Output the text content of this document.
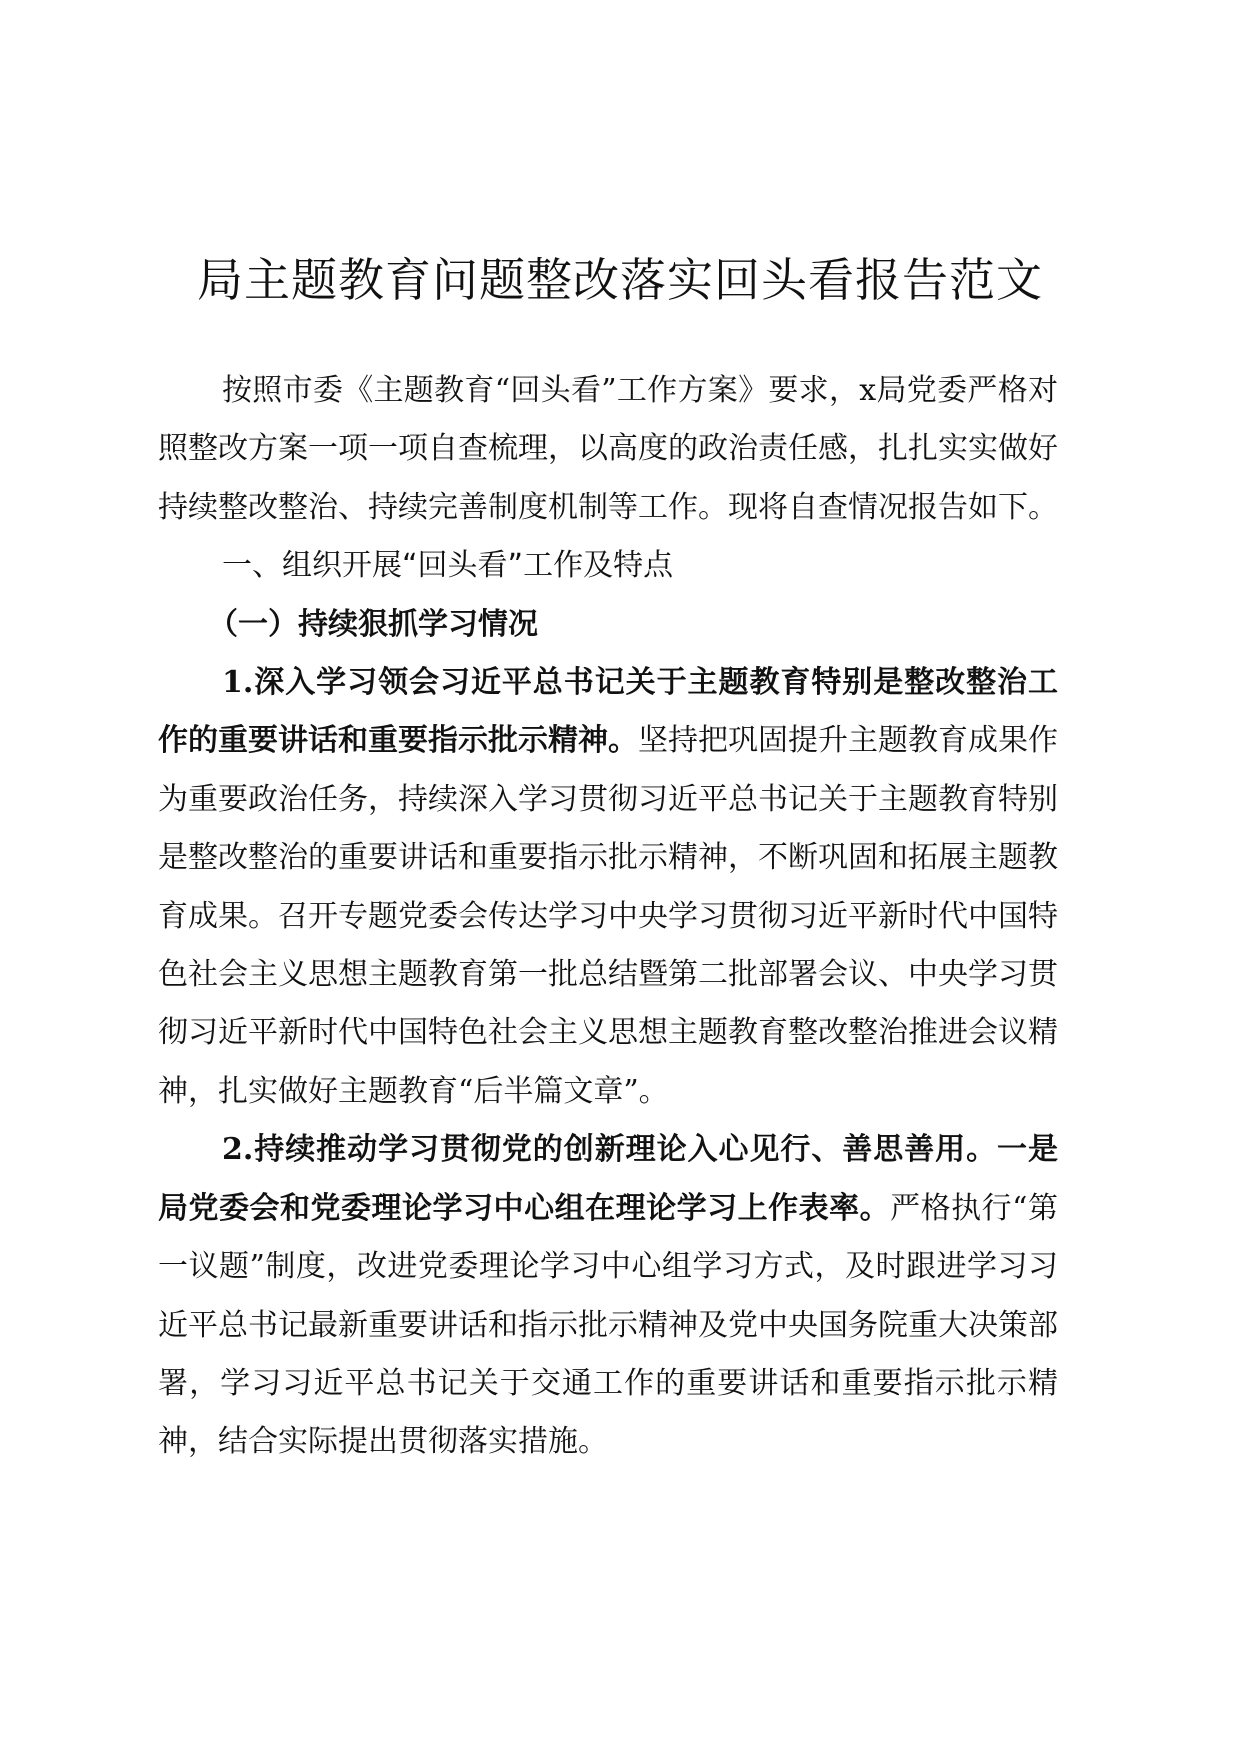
局主题教育问题整改落实回头看报告范文

按照市委《主题教育“回头看”工作方案》要求，x局党委严格对照整改方案一项一项自查梳理，以高度的政治责任感，扎扎实实做好持续整改整治、持续完善制度机制等工作。现将自查情况报告如下。

一、组织开展“回头看”工作及特点

（一）持续狠抓学习情况

1.深入学习领会习近平总书记关于主题教育特别是整改整治工作的重要讲话和重要指示批示精神。坚持把巩固提升主题教育成果作为重要政治任务，持续深入学习贯彻习近平总书记关于主题教育特别是整改整治的重要讲话和重要指示批示精神，不断巩固和拓展主题教育成果。召开专题党委会传达学习中央学习贯彻习近平新时代中国特色社会主义思想主题教育第一批总结暨第二批部署会议、中央学习贯彻习近平新时代中国特色社会主义思想主题教育整改整治推进会议精神，扎实做好主题教育“后半篇文章”。

2.持续推动学习贯彻党的创新理论入心见行、善思善用。一是局党委会和党委理论学习中心组在理论学习上作表率。严格执行“第一议题”制度，改进党委理论学习中心组学习方式，及时跟进学习习近平总书记最新重要讲话和指示批示精神及党中央国务院重大决策部署，学习习近平总书记关于交通工作的重要讲话和重要指示批示精神，结合实际提出贯彻落实措施。
